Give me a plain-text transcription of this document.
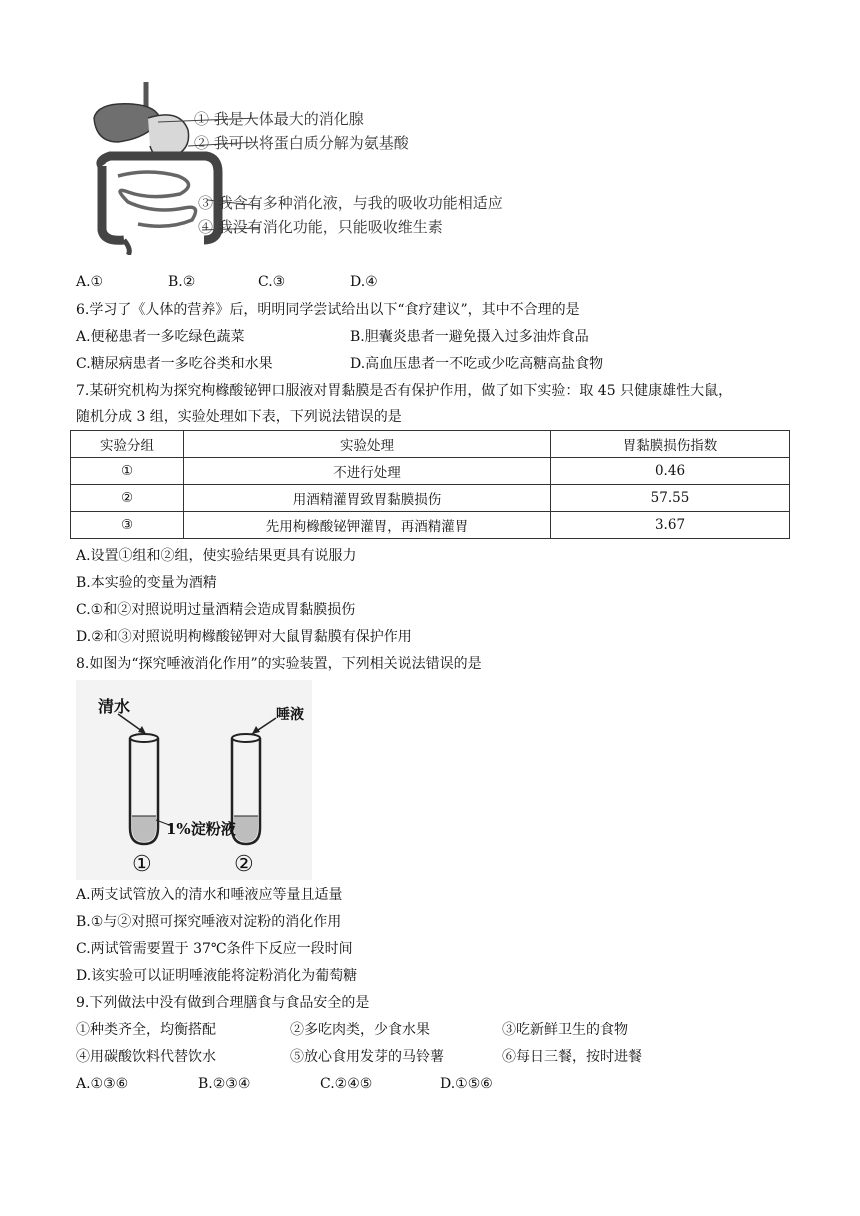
① 我是人体最大的消化腺
② 我可以将蛋白质分解为氨基酸
③ 我含有多种消化液，与我的吸收功能相适应
④ 我没有消化功能，只能吸收维生素
A.①	B.②	C.③	D.④
6.学习了《人体的营养》后，明明同学尝试给出以下“食疗建议”，其中不合理的是
A.便秘患者一多吃绿色蔬菜	B.胆囊炎患者一避免摄入过多油炸食品
C.糖尿病患者一多吃谷类和水果	D.高血压患者一不吃或少吃高糖高盐食物
7.某研究机构为探究枸橼酸铋钾口服液对胃黏膜是否有保护作用，做了如下实验：取 45 只健康雄性大鼠，
随机分成 3 组，实验处理如下表，下列说法错误的是
实验分组	实验处理	胃黏膜损伤指数
①	不进行处理	0.46
②	用酒精灌胃致胃黏膜损伤	57.55
③	先用枸橼酸铋钾灌胃，再酒精灌胃	3.67
A.设置①组和②组，使实验结果更具有说服力
B.本实验的变量为酒精
C.①和②对照说明过量酒精会造成胃黏膜损伤
D.②和③对照说明枸橼酸铋钾对大鼠胃黏膜有保护作用
8.如图为“探究唾液消化作用”的实验装置，下列相关说法错误的是
清水	唾液
1%淀粉液
①	②
A.两支试管放入的清水和唾液应等量且适量
B.①与②对照可探究唾液对淀粉的消化作用
C.两试管需要置于 37℃条件下反应一段时间
D.该实验可以证明唾液能将淀粉消化为葡萄糖
9.下列做法中没有做到合理膳食与食品安全的是
①种类齐全，均衡搭配	②多吃肉类，少食水果	③吃新鲜卫生的食物
④用碳酸饮料代替饮水	⑤放心食用发芽的马铃薯	⑥每日三餐，按时进餐
A.①③⑥	B.②③④	C.②④⑤	D.①⑤⑥
